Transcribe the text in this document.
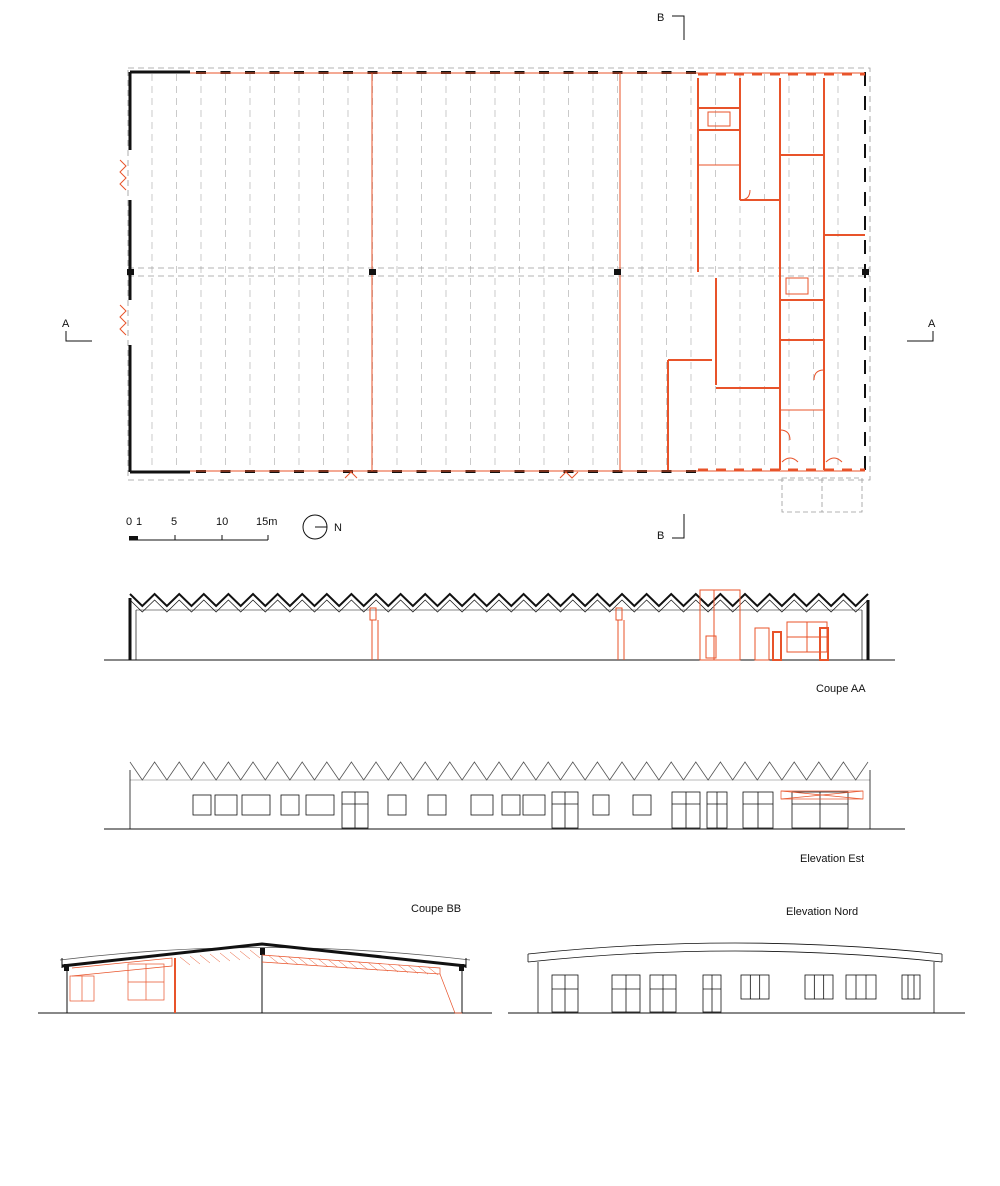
B
B
A	A
0 1	5	10	15m	N
Coupe AA
Elevation Est
Coupe BB	Elevation Nord
